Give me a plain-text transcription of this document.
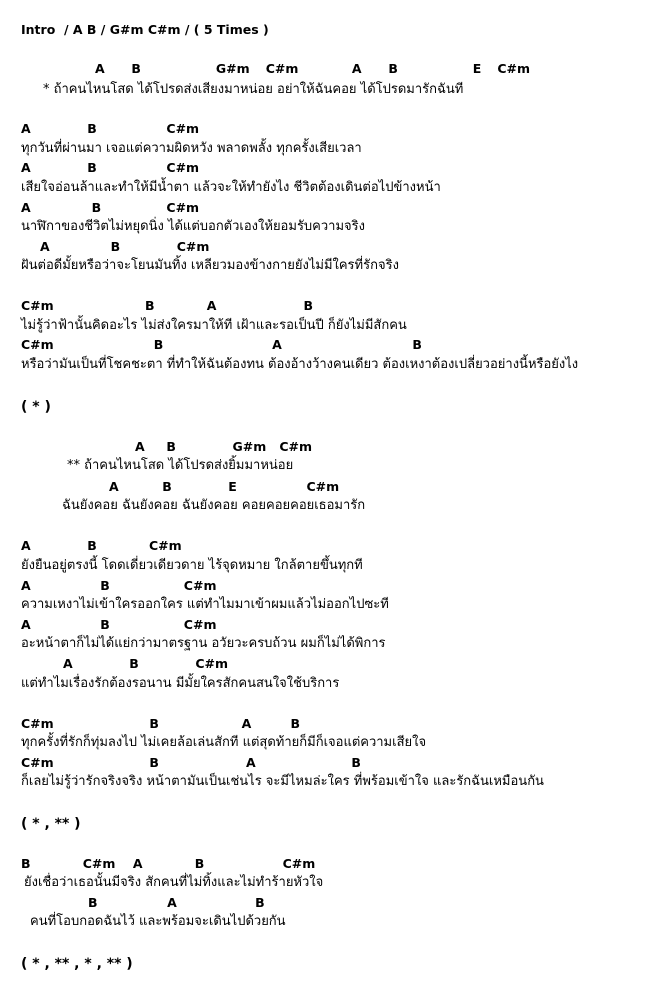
Intro  / A B / G#m C#m / ( 5 Times )
A     B              G#m   C#m          A     B              E   C#m
* ถ้าคนไหนโสด ได้โปรดส่งเสียงมาหน่อย อย่าให้ฉันคอย ได้โปรดมารักฉันที
A             B                C#m
ทุกวันที่ผ่านมา เจอแต่ความผิดหวัง พลาดพลั้ง ทุกครั้งเสียเวลา
A             B                C#m
เสียใจอ่อนล้าและทำให้มีน้ำตา แล้วจะให้ทำยังไง ชีวิตต้องเดินต่อไปข้างหน้า
A              B               C#m
นาฬิกาของชีวิตไม่หยุดนิ่ง ได้แต่บอกตัวเองให้ยอมรับความจริง
A              B             C#m
ฝันต่อดีมั้ยหรือว่าจะโยนมันทิ้ง เหลียวมองข้างกายยังไม่มีใครที่รักจริง
C#m                     B            A                    B
ไม่รู้ว่าฟ้านั้นคิดอะไร ไม่ส่งใครมาให้ที เฝ้าและรอเป็นปี ก็ยังไม่มีสักคน
C#m                       B                         A                              B
หรือว่ามันเป็นที่โชคชะตา ที่ทำให้ฉันต้องทน ต้องอ้างว้างคนเดียว ต้องเหงาต้องเปลี่ยวอย่างนี้หรือยังไง
( * )
A     B             G#m   C#m
** ถ้าคนไหนโสด ได้โปรดส่งยิ้มมาหน่อย
A          B             E                C#m
ฉันยังคอย ฉันยังคอย ฉันยังคอย คอยคอยคอยเธอมารัก
A             B            C#m
ยังยืนอยู่ตรงนี้ โดดเดี่ยวเดียวดาย ไร้จุดหมาย ใกล้ตายขึ้นทุกที
A                B                 C#m
ความเหงาไม่เข้าใครออกใคร แต่ทำไมมาเข้าผมแล้วไม่ออกไปซะที
A                B                 C#m
อะหน้าตาก็ไม่ได้แย่กว่ามาตรฐาน อวัยวะครบถ้วน ผมก็ไม่ได้พิการ
A             B             C#m
แต่ทำไมเรื่องรักต้องรอนาน มีมั้ยใครสักคนสนใจใช้บริการ
C#m                      B                   A         B
ทุกครั้งที่รักก็ทุ่มลงไป ไม่เคยล้อเล่นสักที แต่สุดท้ายก็มีก็เจอแต่ความเสียใจ
C#m                      B                    A                      B
ก็เลยไม่รู้ว่ารักจริงจริง หน้าตามันเป็นเช่นไร จะมีไหมล่ะใคร ที่พร้อมเข้าใจ และรักฉันเหมือนกัน
( * , ** )
B            C#m    A            B                  C#m
ยังเชื่อว่าเธอนั้นมีจริง สักคนที่ไม่ทิ้งและไม่ทำร้ายหัวใจ
B                A                  B
คนที่โอบกอดฉันไว้ และพร้อมจะเดินไปด้วยกัน
( * , ** , * , ** )
